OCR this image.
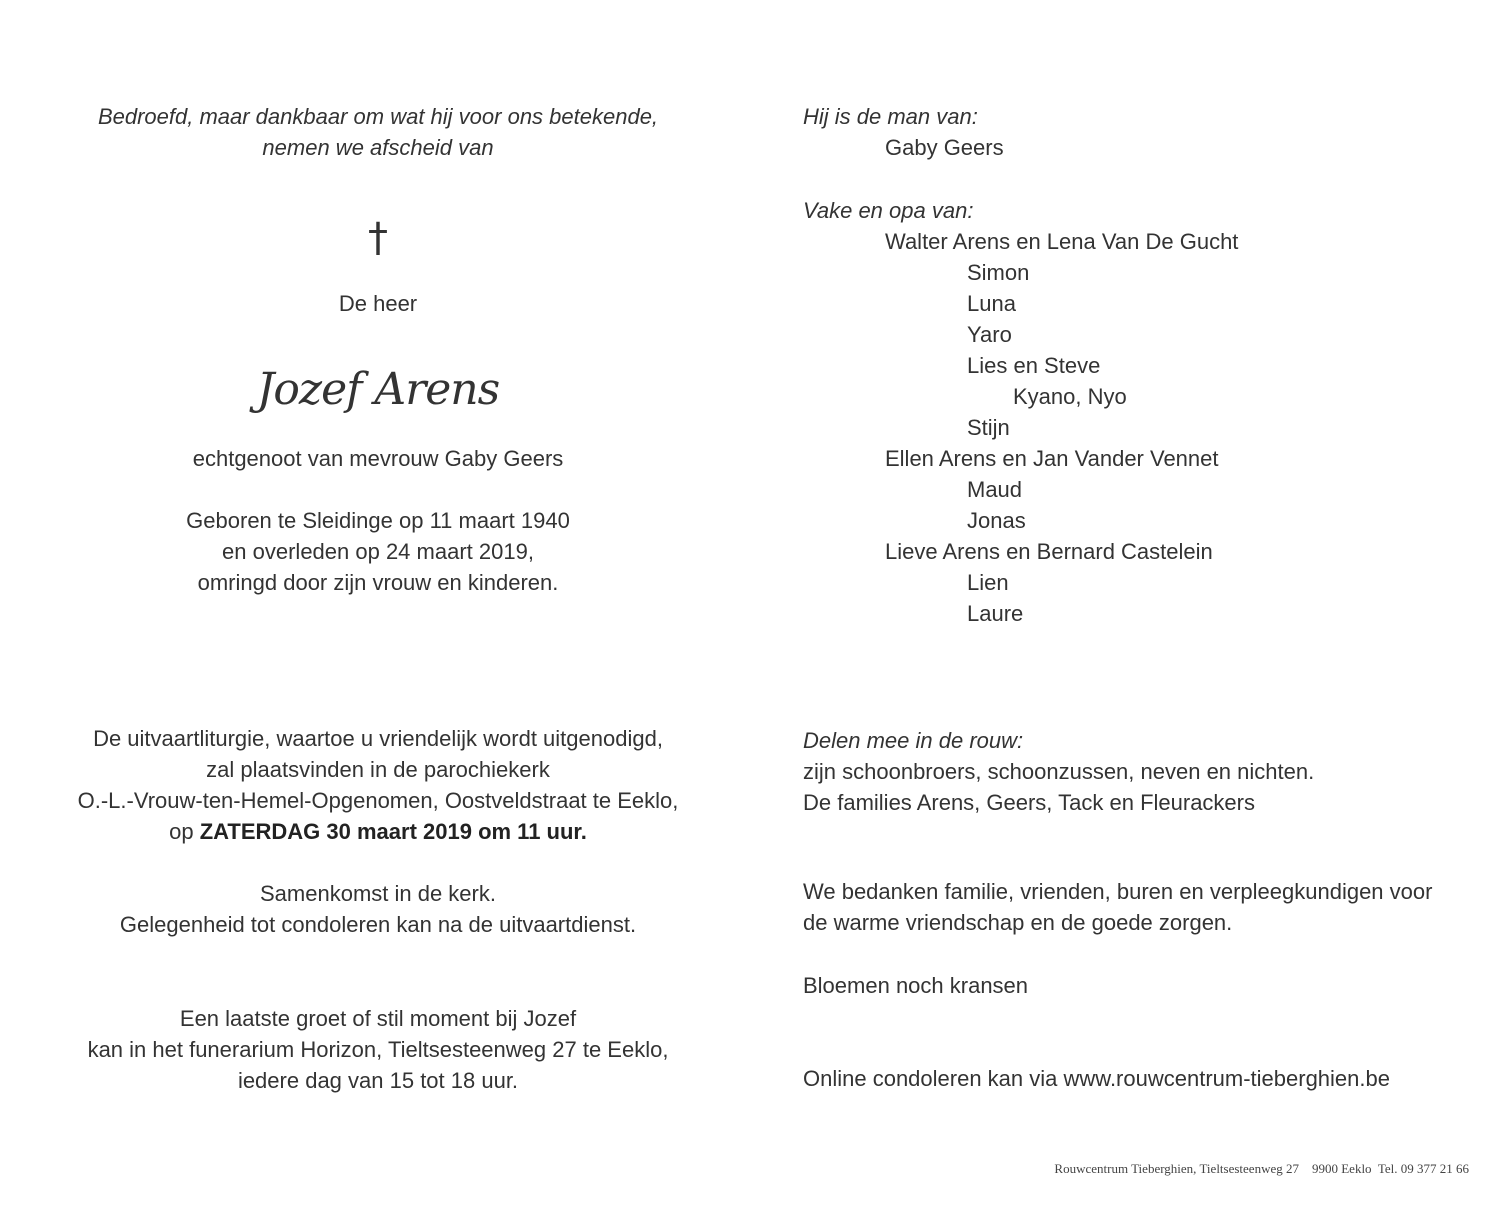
Bedroefd, maar dankbaar om wat hij voor ons betekende,
nemen we afscheid van
†
De heer
Jozef Arens
echtgenoot van mevrouw Gaby Geers
Geboren te Sleidinge op 11 maart 1940
en overleden op 24 maart 2019,
omringd door zijn vrouw en kinderen.
De uitvaartliturgie, waartoe u vriendelijk wordt uitgenodigd,
zal plaatsvinden in de parochiekerk
O.-L.-Vrouw-ten-Hemel-Opgenomen, Oostveldstraat te Eeklo,
op ZATERDAG 30 maart 2019 om 11 uur.
Samenkomst in de kerk.
Gelegenheid tot condoleren kan na de uitvaartdienst.
Een laatste groet of stil moment bij Jozef
kan in het funerarium Horizon, Tieltsesteenweg 27 te Eeklo,
iedere dag van 15 tot 18 uur.
Hij is de man van:
Gaby Geers
Vake en opa van:
Walter Arens en Lena Van De Gucht
Simon
Luna
Yaro
Lies en Steve
Kyano, Nyo
Stijn
Ellen Arens en Jan Vander Vennet
Maud
Jonas
Lieve Arens en Bernard Castelein
Lien
Laure
Delen mee in de rouw:
zijn schoonbroers, schoonzussen, neven en nichten.
De families Arens, Geers, Tack en Fleurackers
We bedanken familie, vrienden, buren en verpleegkundigen voor
de warme vriendschap en de goede zorgen.
Bloemen noch kransen
Online condoleren kan via www.rouwcentrum-tieberghien.be
Rouwcentrum Tieberghien, Tieltsesteenweg 27    9900 Eeklo  Tel. 09 377 21 66
